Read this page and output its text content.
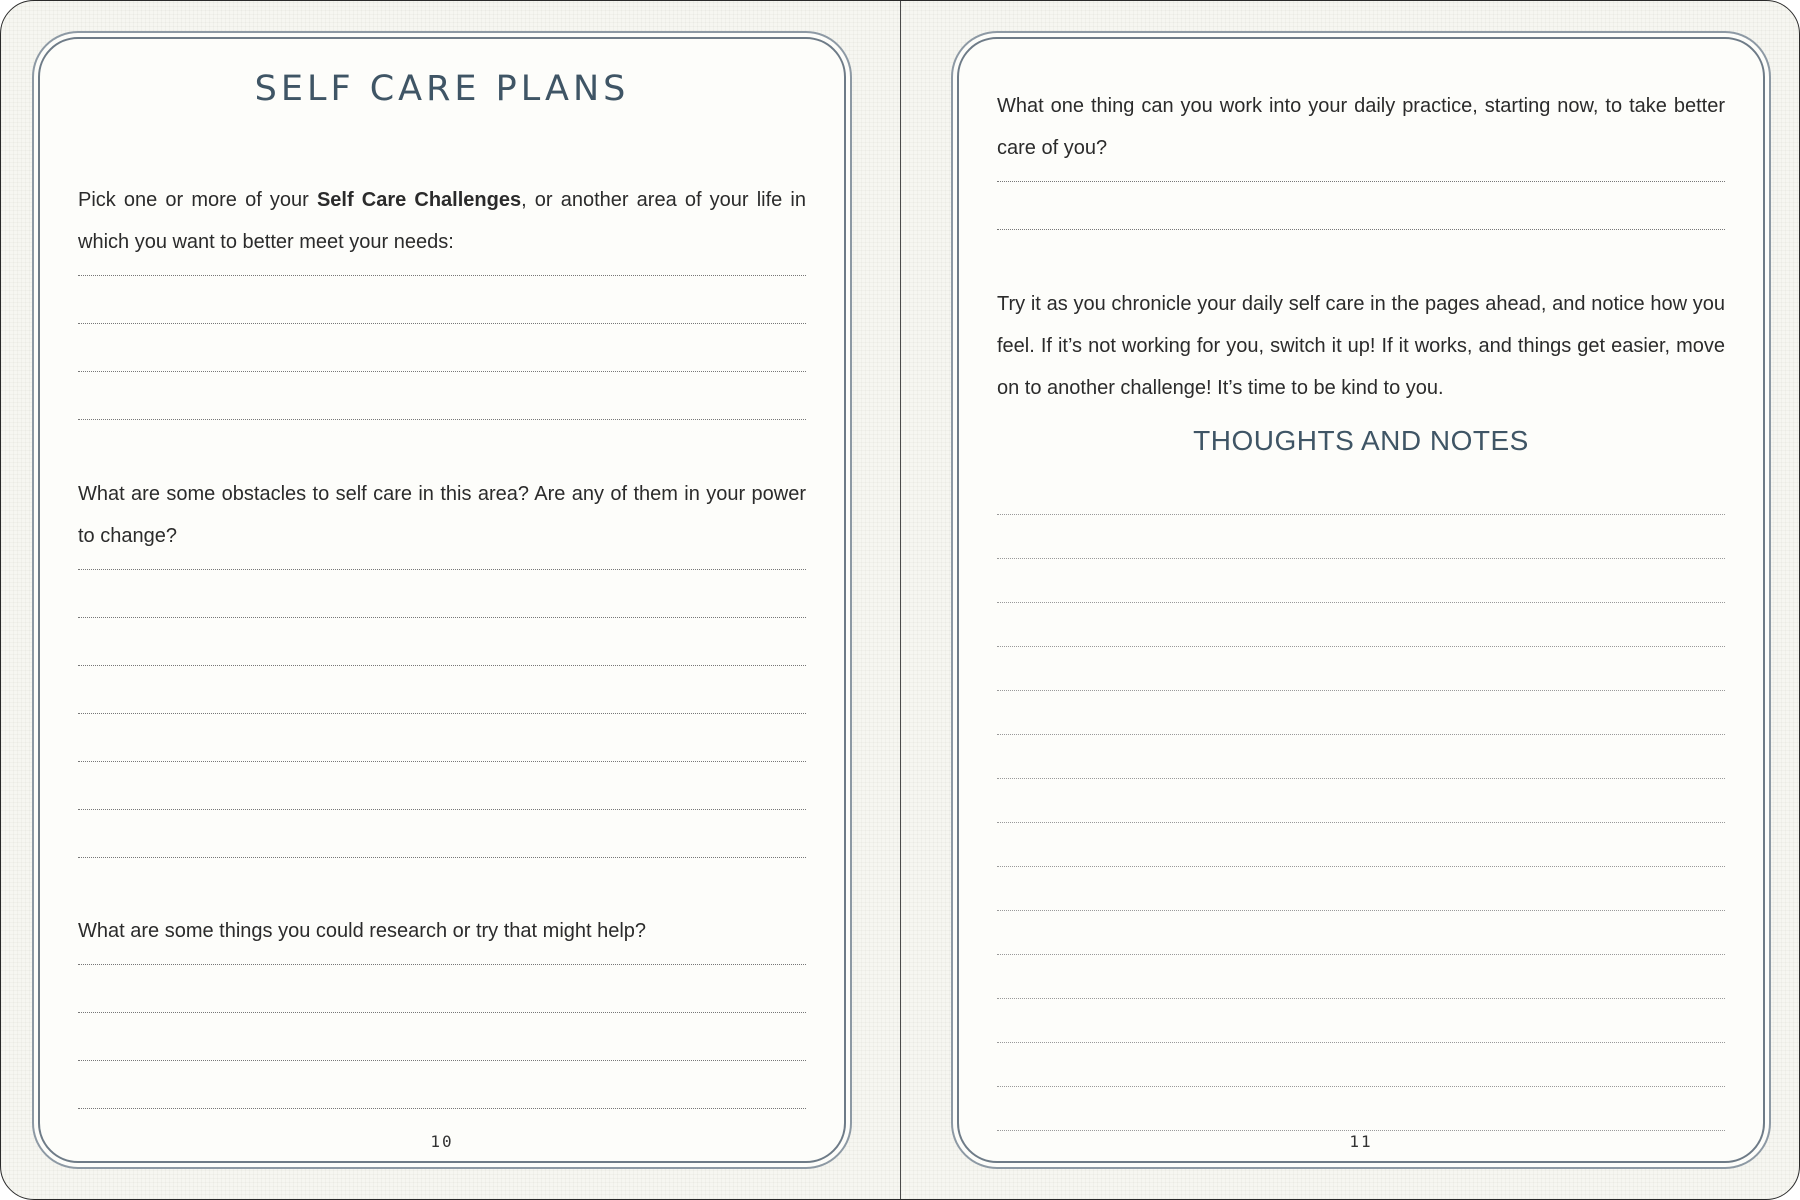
SELF CARE PLANS
Pick one or more of your Self Care Challenges, or another area of your life in which you want to better meet your needs:
What are some obstacles to self care in this area? Are any of them in your power to change?
What are some things you could research or try that might help?
10
What one thing can you work into your daily practice, starting now, to take better care of you?
Try it as you chronicle your daily self care in the pages ahead, and notice how you feel. If it’s not working for you, switch it up! If it works, and things get easier, move on to another challenge! It’s time to be kind to you.
THOUGHTS AND NOTES
11
